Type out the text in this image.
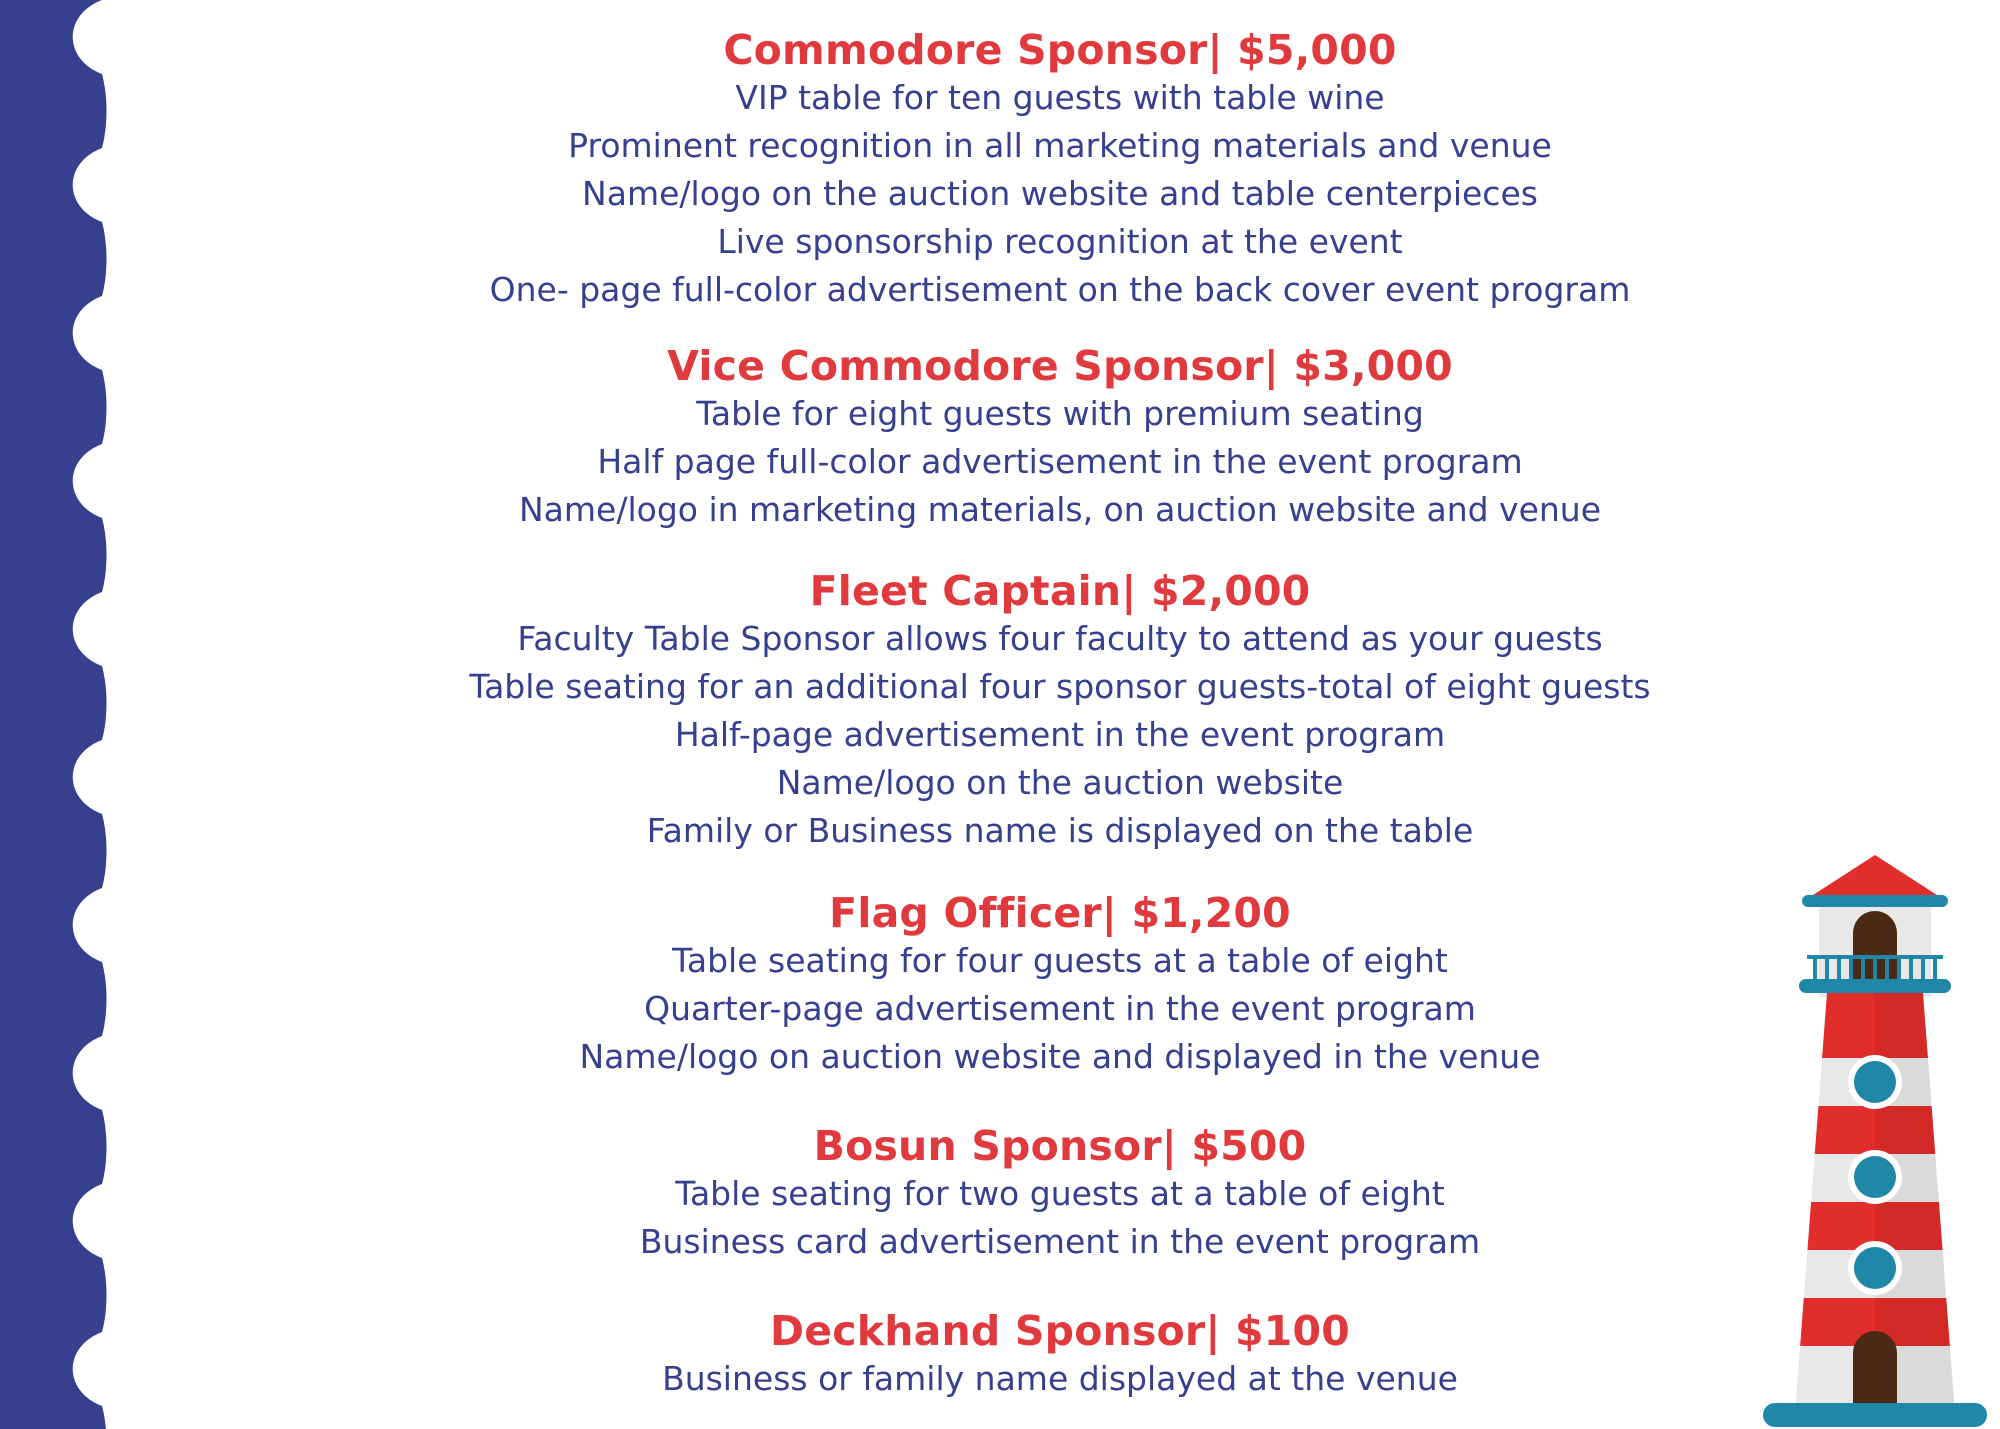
Commodore Sponsor| $5,000
VIP table for ten guests with table wine
Prominent recognition in all marketing materials and venue
Name/logo on the auction website and table centerpieces
Live sponsorship recognition at the event
One- page full-color advertisement on the back cover event program
Vice Commodore Sponsor| $3,000
Table for eight guests with premium seating
Half page full-color advertisement in the event program
Name/logo in marketing materials, on auction website and venue
Fleet Captain| $2,000
Faculty Table Sponsor allows four faculty to attend as your guests
Table seating for an additional four sponsor guests-total of eight guests
Half-page advertisement in the event program
Name/logo on the auction website
Family or Business name is displayed on the table
Flag Officer| $1,200
Table seating for four guests at a table of eight
Quarter-page advertisement in the event program
Name/logo on auction website and displayed in the venue
Bosun Sponsor| $500
Table seating for two guests at a table of eight
Business card advertisement in the event program
Deckhand Sponsor| $100
Business or family name displayed at the venue
